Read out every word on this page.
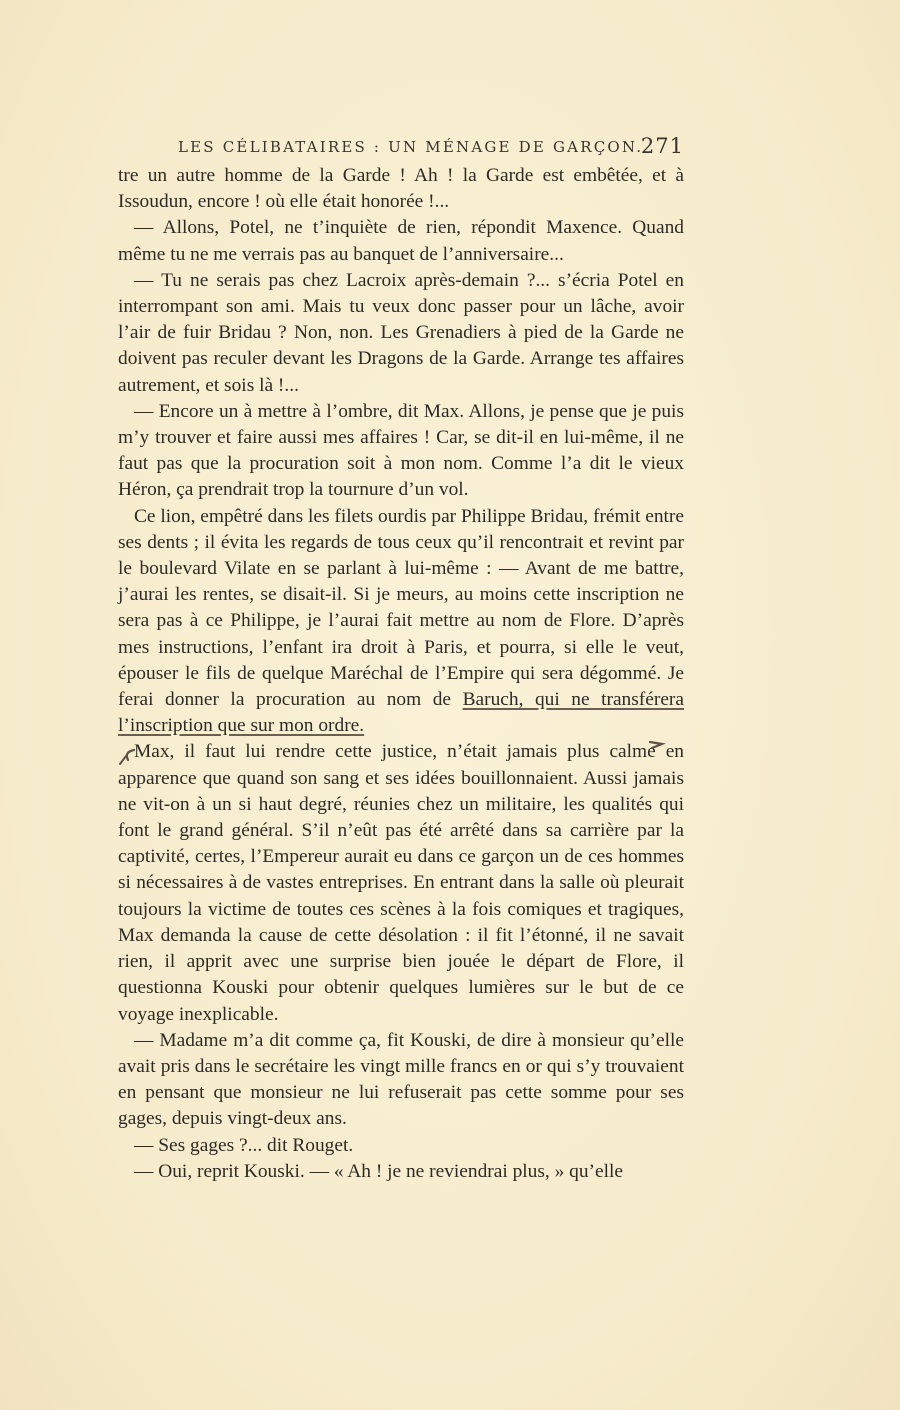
LES CÉLIBATAIRES : UN MÉNAGE DE GARÇON.
271

tre un autre homme de la Garde ! Ah ! la Garde est embêtée, et à Issoudun, encore ! où elle était honorée !...

— Allons, Potel, ne t’inquiète de rien, répondit Maxence. Quand même tu ne me verrais pas au banquet de l’anniversaire...

— Tu ne serais pas chez Lacroix après-demain ?... s’écria Potel en interrompant son ami. Mais tu veux donc passer pour un lâche, avoir l’air de fuir Bridau ? Non, non. Les Grenadiers à pied de la Garde ne doivent pas reculer devant les Dragons de la Garde. Arrange tes affaires autrement, et sois là !...

— Encore un à mettre à l’ombre, dit Max. Allons, je pense que je puis m’y trouver et faire aussi mes affaires ! Car, se dit-il en lui-même, il ne faut pas que la procuration soit à mon nom. Comme l’a dit le vieux Héron, ça prendrait trop la tournure d’un vol.

Ce lion, empêtré dans les filets ourdis par Philippe Bridau, frémit entre ses dents ; il évita les regards de tous ceux qu’il rencontrait et revint par le boulevard Vilate en se parlant à lui-même : — Avant de me battre, j’aurai les rentes, se disait-il. Si je meurs, au moins cette inscription ne sera pas à ce Philippe, je l’aurai fait mettre au nom de Flore. D’après mes instructions, l’enfant ira droit à Paris, et pourra, si elle le veut, épouser le fils de quelque Maréchal de l’Empire qui sera dégommé. Je ferai donner la procuration au nom de Baruch, qui ne transférera l’inscription que sur mon ordre.

Max, il faut lui rendre cette justice, n’était jamais plus calme en apparence que quand son sang et ses idées bouillonnaient. Aussi jamais ne vit-on à un si haut degré, réunies chez un militaire, les qualités qui font le grand général. S’il n’eût pas été arrêté dans sa carrière par la captivité, certes, l’Empereur aurait eu dans ce garçon un de ces hommes si nécessaires à de vastes entreprises. En entrant dans la salle où pleurait toujours la victime de toutes ces scènes à la fois comiques et tragiques, Max demanda la cause de cette désolation : il fit l’étonné, il ne savait rien, il apprit avec une surprise bien jouée le départ de Flore, il questionna Kouski pour obtenir quelques lumières sur le but de ce voyage inexplicable.

— Madame m’a dit comme ça, fit Kouski, de dire à monsieur qu’elle avait pris dans le secrétaire les vingt mille francs en or qui s’y trouvaient en pensant que monsieur ne lui refuserait pas cette somme pour ses gages, depuis vingt-deux ans.

— Ses gages ?... dit Rouget.

— Oui, reprit Kouski. — « Ah ! je ne reviendrai plus, » qu’elle
